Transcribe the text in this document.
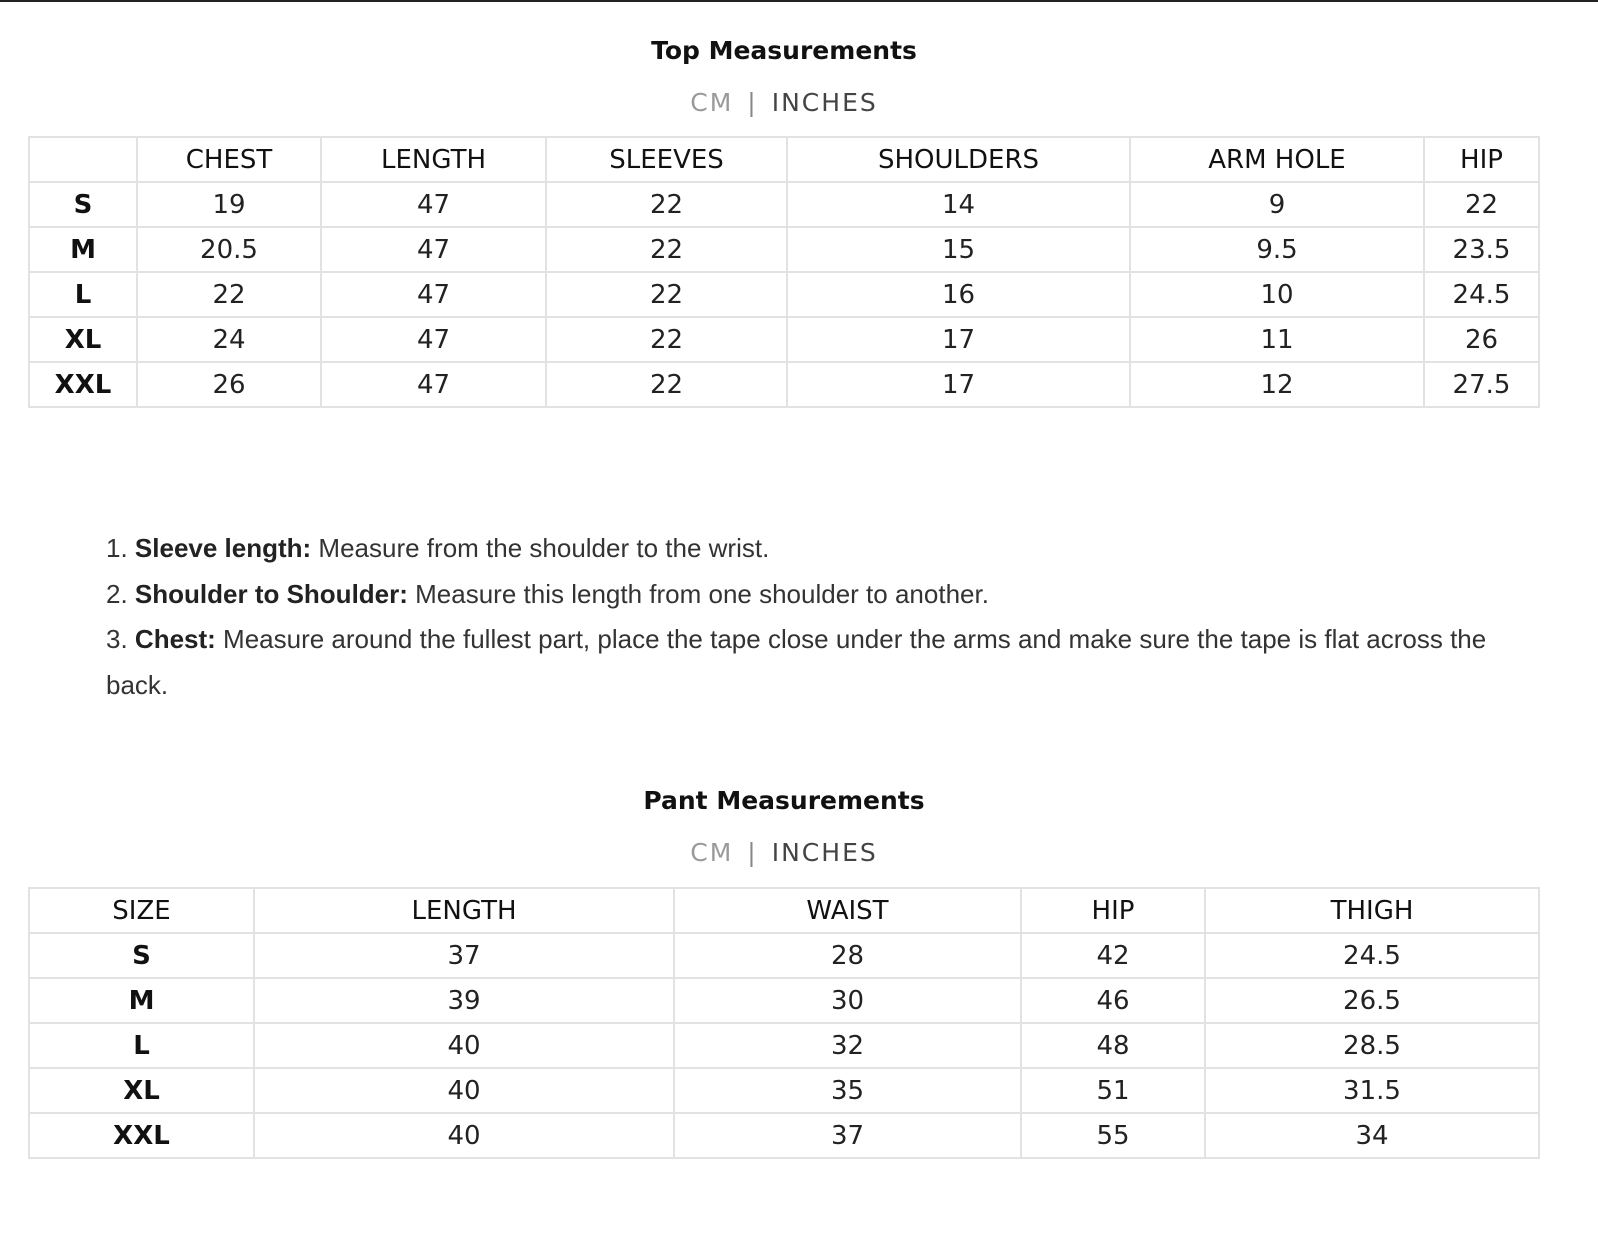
Top Measurements
CM | INCHES
	CHEST	LENGTH	SLEEVES	SHOULDERS	ARM HOLE	HIP
S	19	47	22	14	9	22
M	20.5	47	22	15	9.5	23.5
L	22	47	22	16	10	24.5
XL	24	47	22	17	11	26
XXL	26	47	22	17	12	27.5

1. Sleeve length: Measure from the shoulder to the wrist.

2. Shoulder to Shoulder: Measure this length from one shoulder to another.

3. Chest: Measure around the fullest part, place the tape close under the arms and make sure the tape is flat across the back.

Pant Measurements
CM | INCHES
SIZE	LENGTH	WAIST	HIP	THIGH
S	37	28	42	24.5
M	39	30	46	26.5
L	40	32	48	28.5
XL	40	35	51	31.5
XXL	40	37	55	34
